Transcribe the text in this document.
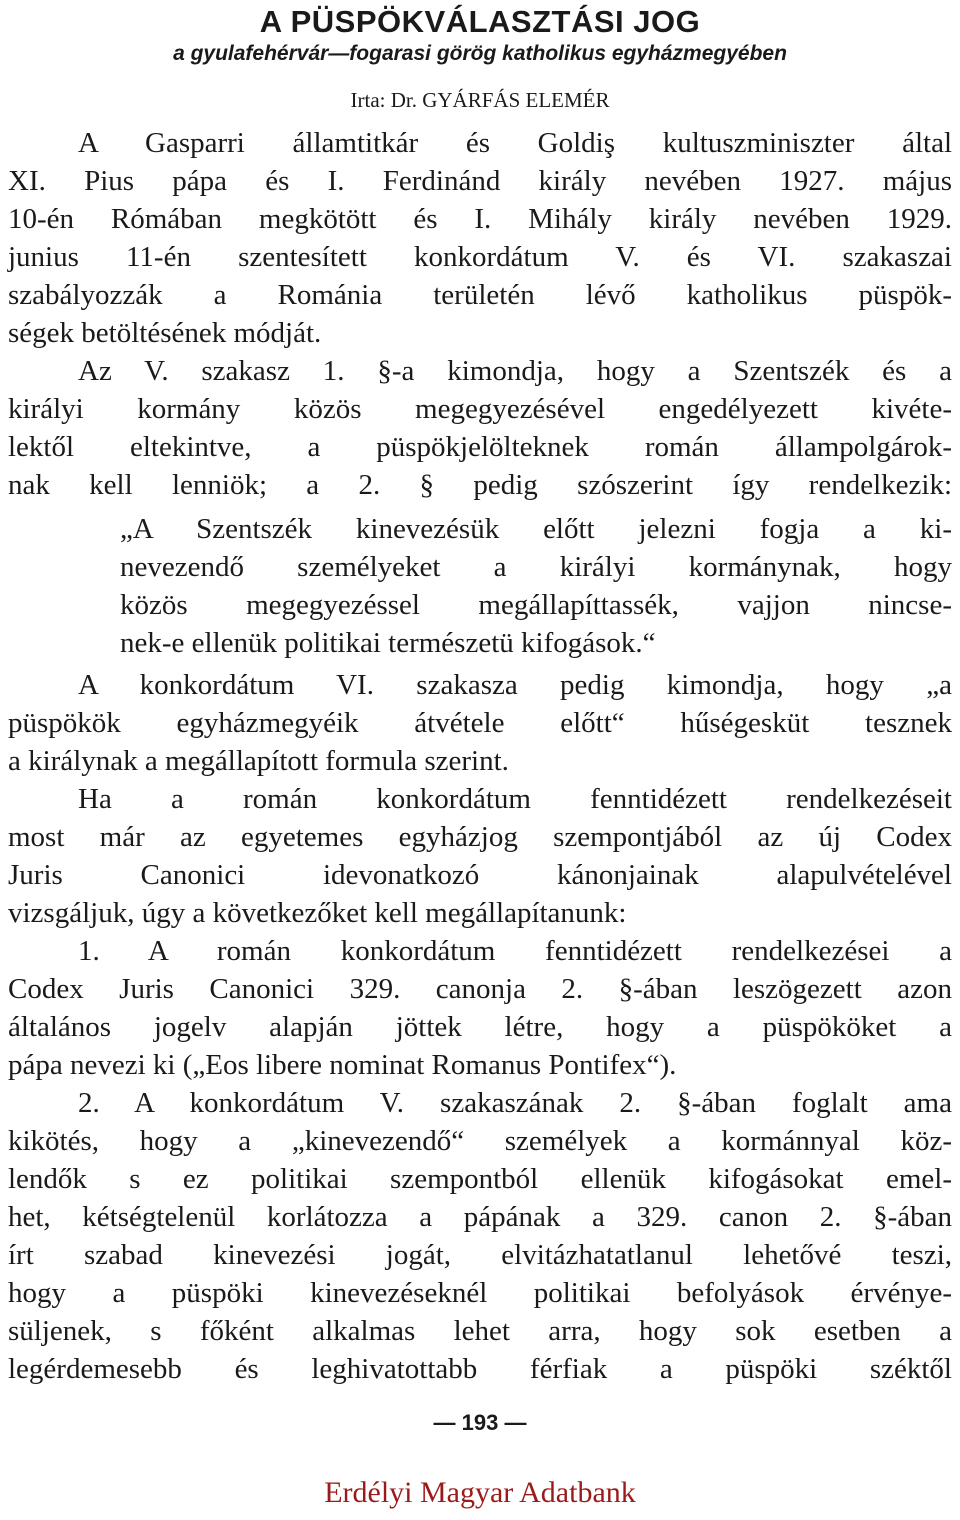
A PÜSPÖKVÁLASZTÁSI JOG
a gyulafehérvár—fogarasi görög katholikus egyházmegyében

Irta: Dr. GYÁRFÁS ELEMÉR

A Gasparri államtitkár és Goldiş kultuszminiszter által
XI. Pius pápa és I. Ferdinánd király nevében 1927. május
10-én Rómában megkötött és I. Mihály király nevében 1929.
junius 11-én szentesített konkordátum V. és VI. szakaszai
szabályozzák a Románia területén lévő katholikus püspök-
ségek betöltésének módját.
Az V. szakasz 1. §-a kimondja, hogy a Szentszék és a
királyi kormány közös megegyezésével engedélyezett kivéte-
lektől eltekintve, a püspökjelölteknek román állampolgárok-
nak kell lenniök; a 2. § pedig szószerint így rendelkezik:
„A Szentszék kinevezésük előtt jelezni fogja a ki-
nevezendő személyeket a királyi kormánynak, hogy
közös megegyezéssel megállapíttassék, vajjon nincse-
nek-e ellenük politikai természetü kifogások.“
A konkordátum VI. szakasza pedig kimondja, hogy „a
püspökök egyházmegyéik átvétele előtt“ hűségesküt tesznek
a királynak a megállapított formula szerint.
Ha a román konkordátum fenntidézett rendelkezéseit
most már az egyetemes egyházjog szempontjából az új Codex
Juris Canonici idevonatkozó kánonjainak alapulvételével
vizsgáljuk, úgy a következőket kell megállapítanunk:
1. A román konkordátum fenntidézett rendelkezései a
Codex Juris Canonici 329. canonja 2. §-ában leszögezett azon
általános jogelv alapján jöttek létre, hogy a püspököket a
pápa nevezi ki („Eos libere nominat Romanus Pontifex“).
2. A konkordátum V. szakaszának 2. §-ában foglalt ama
kikötés, hogy a „kinevezendő“ személyek a kormánnyal köz-
lendők s ez politikai szempontból ellenük kifogásokat emel-
het, kétségtelenül korlátozza a pápának a 329. canon 2. §-ában
írt szabad kinevezési jogát, elvitázhatatlanul lehetővé teszi,
hogy a püspöki kinevezéseknél politikai befolyások érvénye-
süljenek, s főként alkalmas lehet arra, hogy sok esetben a
legérdemesebb és leghivatottabb férfiak a püspöki széktől
— 193 —
Erdélyi Magyar Adatbank
